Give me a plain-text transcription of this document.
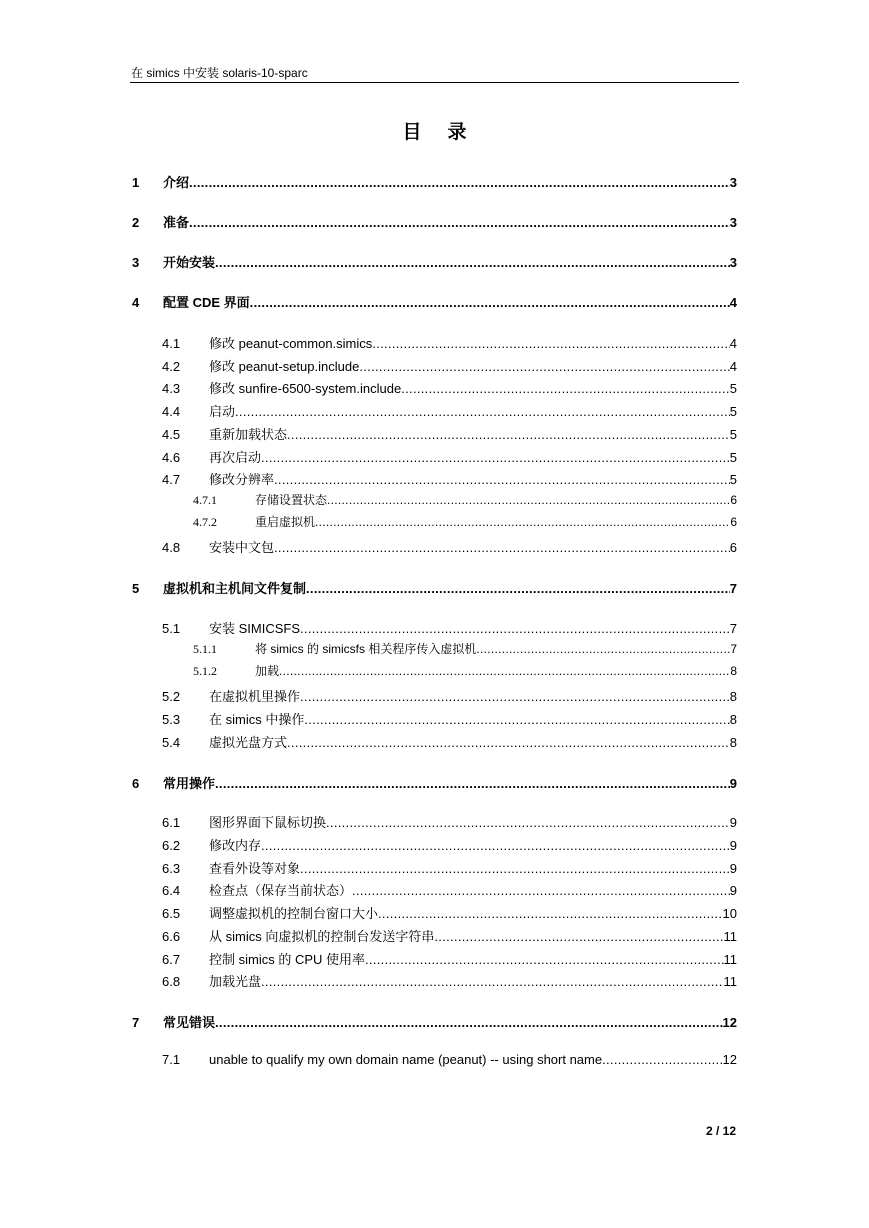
在 simics 中安装 solaris-10-sparc
目录
1	介绍 .....	3
2	准备 .....	3
3	开始安装 .....	3
4	配置 CDE 界面 .....	4
4.1	修改 peanut-common.simics .....	4
4.2	修改 peanut-setup.include .....	4
4.3	修改 sunfire-6500-system.include .....	5
4.4	启动 .....	5
4.5	重新加载状态 .....	5
4.6	再次启动 .....	5
4.7	修改分辨率 .....	5
4.7.1	存储设置状态 .....	6
4.7.2	重启虚拟机 .....	6
4.8	安装中文包 .....	6
5	虚拟机和主机间文件复制 .....	7
5.1	安装 SIMICSFS .....	7
5.1.1	将 simics 的 simicsfs 相关程序传入虚拟机 .....	7
5.1.2	加载 .....	8
5.2	在虚拟机里操作 .....	8
5.3	在 simics 中操作 .....	8
5.4	虚拟光盘方式 .....	8
6	常用操作 .....	9
6.1	图形界面下鼠标切换 .....	9
6.2	修改内存 .....	9
6.3	查看外设等对象 .....	9
6.4	检查点（保存当前状态） .....	9
6.5	调整虚拟机的控制台窗口大小 .....	10
6.6	从 simics 向虚拟机的控制台发送字符串 .....	11
6.7	控制 simics 的 CPU 使用率 .....	11
6.8	加载光盘 .....	11
7	常见错误 .....	12
7.1	unable to qualify my own domain name (peanut) -- using short name .....	12
2 / 12
